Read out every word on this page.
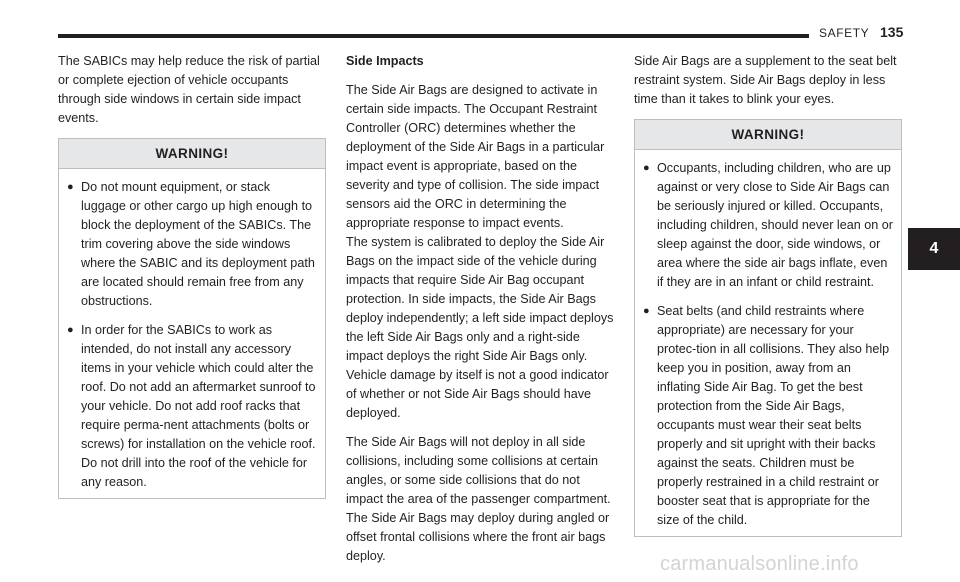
SAFETY 135

The SABICs may help reduce the risk of partial or complete ejection of vehicle occupants through side windows in certain side impact events.

WARNING!
● Do not mount equipment, or stack luggage or other cargo up high enough to block the deployment of the SABICs. The trim covering above the side windows where the SABIC and its deployment path are located should remain free from any obstructions.
● In order for the SABICs to work as intended, do not install any accessory items in your vehicle which could alter the roof. Do not add an aftermarket sunroof to your vehicle. Do not add roof racks that require perma-nent attachments (bolts or screws) for installation on the vehicle roof. Do not drill into the roof of the vehicle for any reason.

Side Impacts

The Side Air Bags are designed to activate in certain side impacts. The Occupant Restraint Controller (ORC) determines whether the deployment of the Side Air Bags in a particular impact event is appropriate, based on the severity and type of collision. The side impact sensors aid the ORC in determining the appropriate response to impact events.

The system is calibrated to deploy the Side Air Bags on the impact side of the vehicle during impacts that require Side Air Bag occupant protection. In side impacts, the Side Air Bags deploy independently; a left side impact deploys the left Side Air Bags only and a right-side impact deploys the right Side Air Bags only. Vehicle damage by itself is not a good indicator of whether or not Side Air Bags should have deployed.

The Side Air Bags will not deploy in all side collisions, including some collisions at certain angles, or some side collisions that do not impact the area of the passenger compartment. The Side Air Bags may deploy during angled or offset frontal collisions where the front air bags deploy.

Side Air Bags are a supplement to the seat belt restraint system. Side Air Bags deploy in less time than it takes to blink your eyes.

WARNING!
● Occupants, including children, who are up against or very close to Side Air Bags can be seriously injured or killed. Occupants, including children, should never lean on or sleep against the door, side windows, or area where the side air bags inflate, even if they are in an infant or child restraint.
● Seat belts (and child restraints where appropriate) are necessary for your protec-tion in all collisions. They also help keep you in position, away from an inflating Side Air Bag. To get the best protection from the Side Air Bags, occupants must wear their seat belts properly and sit upright with their backs against the seats. Children must be properly restrained in a child restraint or booster seat that is appropriate for the size of the child.
4
carmanualsonline.info
